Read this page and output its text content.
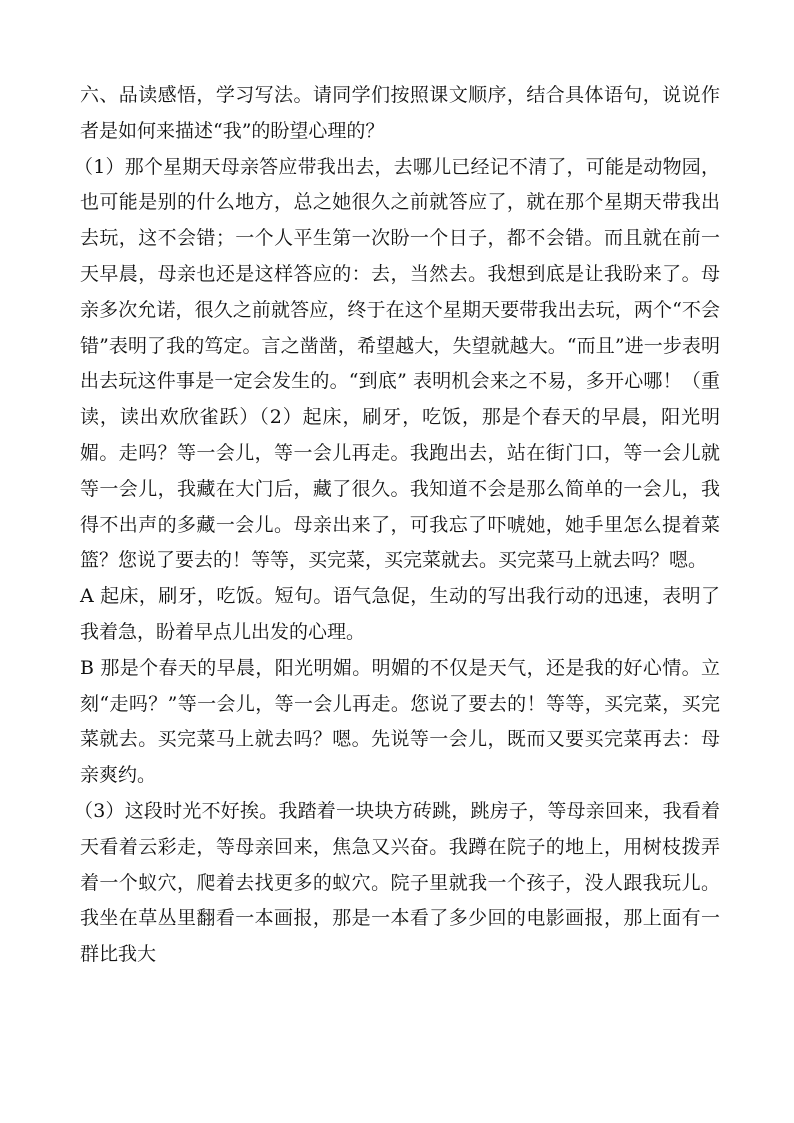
六、品读感悟，学习写法。请同学们按照课文顺序，结合具体语句，说说作者是如何来描述“我”的盼望心理的？

（1）那个星期天母亲答应带我出去，去哪儿已经记不清了，可能是动物园，也可能是别的什么地方，总之她很久之前就答应了，就在那个星期天带我出去玩，这不会错；一个人平生第一次盼一个日子，都不会错。而且就在前一天早晨，母亲也还是这样答应的：去，当然去。我想到底是让我盼来了。母亲多次允诺，很久之前就答应，终于在这个星期天要带我出去玩，两个“不会错”表明了我的笃定。言之凿凿，希望越大，失望就越大。“而且”进一步表明出去玩这件事是一定会发生的。“到底” 表明机会来之不易，多开心哪！（重读，读出欢欣雀跃）（2）起床，刷牙，吃饭，那是个春天的早晨，阳光明媚。走吗？等一会儿，等一会儿再走。我跑出去，站在街门口，等一会儿就等一会儿，我藏在大门后，藏了很久。我知道不会是那么简单的一会儿，我得不出声的多藏一会儿。母亲出来了，可我忘了吓唬她，她手里怎么提着菜篮？您说了要去的！等等，买完菜，买完菜就去。买完菜马上就去吗？嗯。

A 起床，刷牙，吃饭。短句。语气急促，生动的写出我行动的迅速，表明了我着急，盼着早点儿出发的心理。

B 那是个春天的早晨，阳光明媚。明媚的不仅是天气，还是我的好心情。立刻“走吗？”等一会儿，等一会儿再走。您说了要去的！等等，买完菜，买完菜就去。买完菜马上就去吗？嗯。先说等一会儿，既而又要买完菜再去：母亲爽约。

（3）这段时光不好挨。我踏着一块块方砖跳，跳房子，等母亲回来，我看着天看着云彩走，等母亲回来，焦急又兴奋。我蹲在院子的地上，用树枝拨弄着一个蚁穴，爬着去找更多的蚁穴。院子里就我一个孩子，没人跟我玩儿。我坐在草丛里翻看一本画报，那是一本看了多少回的电影画报，那上面有一群比我大
